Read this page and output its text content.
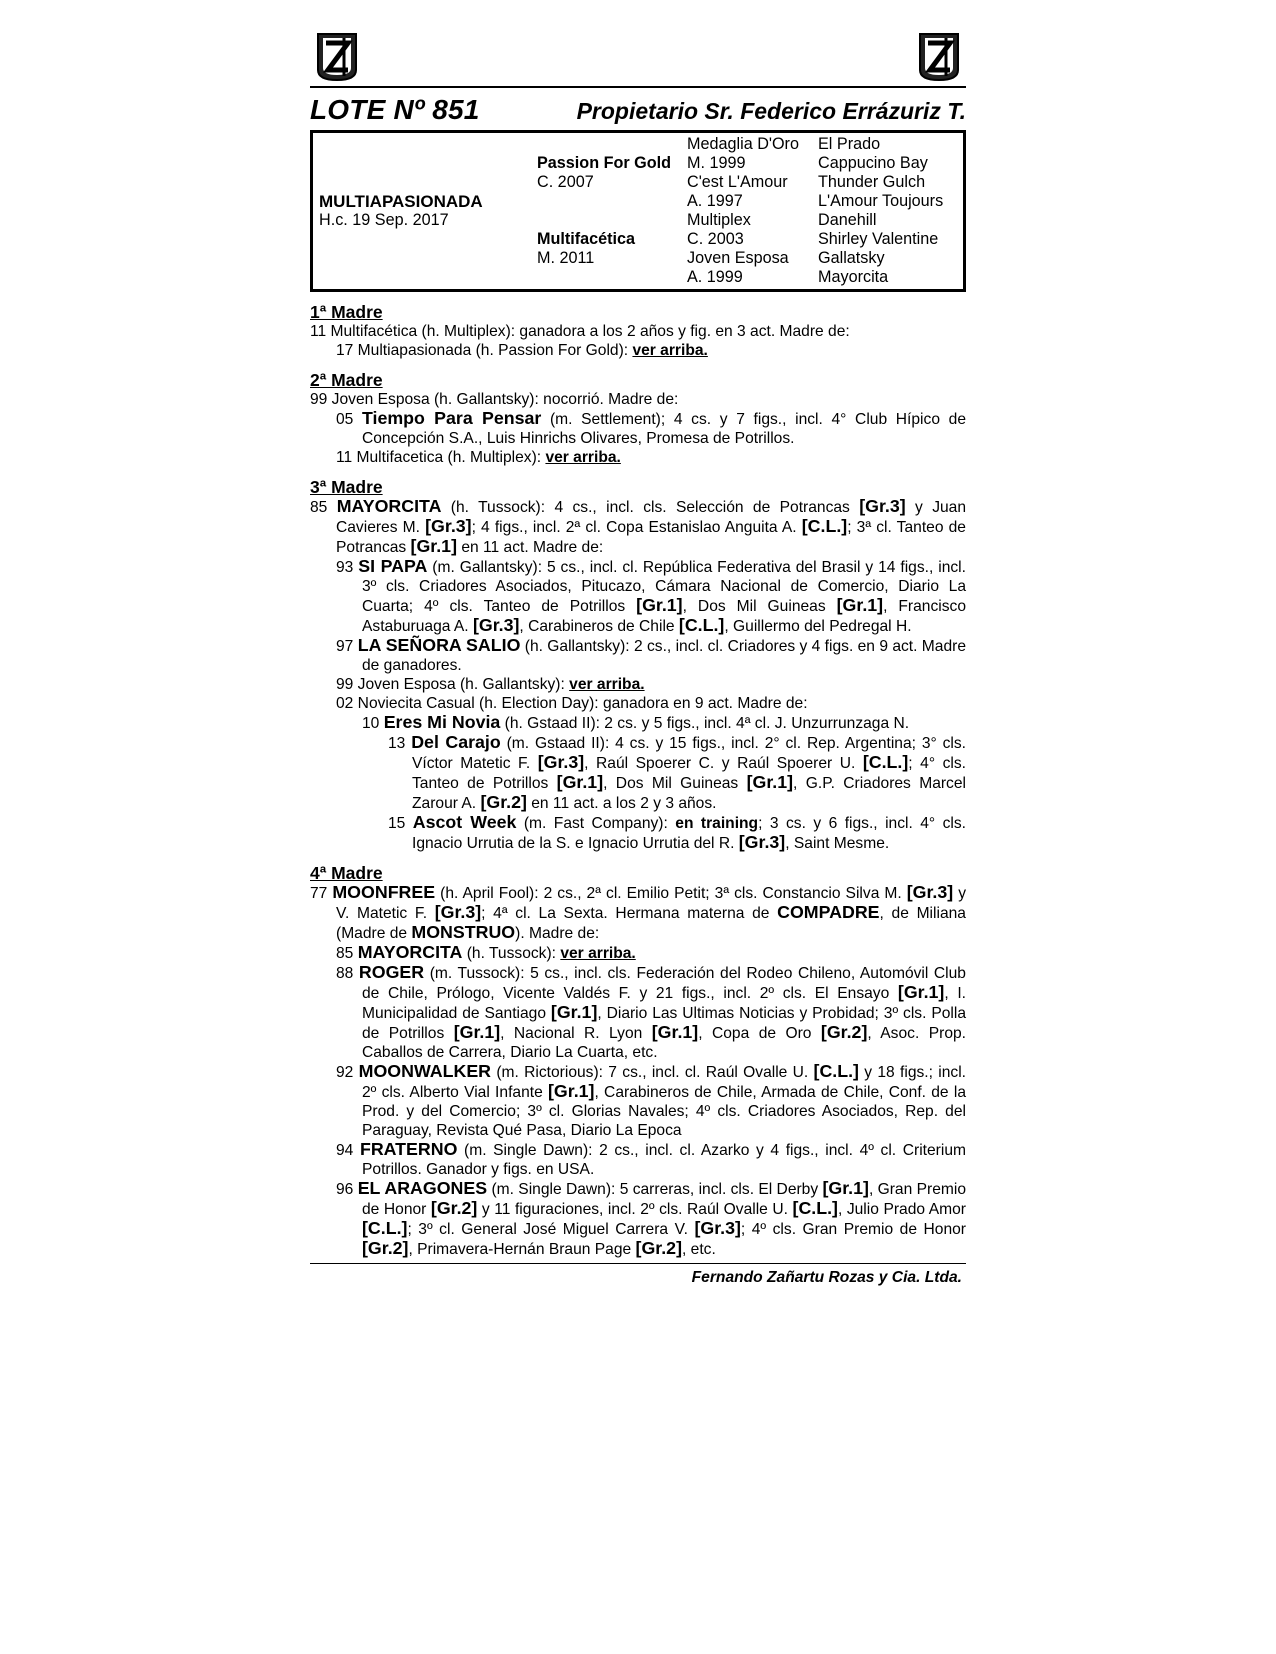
LOTE Nº 851	Propietario Sr. Federico Errázuriz T.
MULTIAPASIONADA
H.c. 19 Sep. 2017
Passion For Gold
C. 2007
Multifacética
M. 2011
Medaglia D'Oro
M. 1999
C'est L'Amour
A. 1997
Multiplex
C. 2003
Joven Esposa
A. 1999
El Prado
Cappucino Bay
Thunder Gulch
L'Amour Toujours
Danehill
Shirley Valentine
Gallatsky
Mayorcita
1ª Madre
11 Multifacética (h. Multiplex): ganadora a los 2 años y fig. en 3 act. Madre de:
17 Multiapasionada (h. Passion For Gold): ver arriba.
2ª Madre
99 Joven Esposa (h. Gallantsky): nocorrió. Madre de:
05 Tiempo Para Pensar (m. Settlement); 4 cs. y 7 figs., incl. 4° Club Hípico de Concepción S.A., Luis Hinrichs Olivares, Promesa de Potrillos.
11 Multifacetica (h. Multiplex): ver arriba.
3ª Madre
85 MAYORCITA (h. Tussock): 4 cs., incl. cls. Selección de Potrancas [Gr.3] y Juan Cavieres M. [Gr.3]; 4 figs., incl. 2ª cl. Copa Estanislao Anguita A. [C.L.]; 3ª cl. Tanteo de Potrancas [Gr.1] en 11 act. Madre de:
93 SI PAPA (m. Gallantsky): 5 cs., incl. cl. República Federativa del Brasil y 14 figs., incl. 3º cls. Criadores Asociados, Pitucazo, Cámara Nacional de Comercio, Diario La Cuarta; 4º cls. Tanteo de Potrillos [Gr.1], Dos Mil Guineas [Gr.1], Francisco Astaburuaga A. [Gr.3], Carabineros de Chile [C.L.], Guillermo del Pedregal H.
97 LA SEÑORA SALIO (h. Gallantsky): 2 cs., incl. cl. Criadores y 4 figs. en 9 act. Madre de ganadores.
99 Joven Esposa (h. Gallantsky): ver arriba.
02 Noviecita Casual (h. Election Day): ganadora en 9 act. Madre de:
10 Eres Mi Novia (h. Gstaad II): 2 cs. y 5 figs., incl. 4ª cl. J. Unzurrunzaga N.
13 Del Carajo (m. Gstaad II): 4 cs. y 15 figs., incl. 2° cl. Rep. Argentina; 3° cls. Víctor Matetic F. [Gr.3], Raúl Spoerer C. y Raúl Spoerer U. [C.L.]; 4° cls. Tanteo de Potrillos [Gr.1], Dos Mil Guineas [Gr.1], G.P. Criadores Marcel Zarour A. [Gr.2] en 11 act. a los 2 y 3 años.
15 Ascot Week (m. Fast Company): en training; 3 cs. y 6 figs., incl. 4° cls. Ignacio Urrutia de la S. e Ignacio Urrutia del R. [Gr.3], Saint Mesme.
4ª Madre
77 MOONFREE (h. April Fool): 2 cs., 2ª cl. Emilio Petit; 3ª cls. Constancio Silva M. [Gr.3] y V. Matetic F. [Gr.3]; 4ª cl. La Sexta. Hermana materna de COMPADRE, de Miliana (Madre de MONSTRUO). Madre de:
85 MAYORCITA (h. Tussock): ver arriba.
88 ROGER (m. Tussock): 5 cs., incl. cls. Federación del Rodeo Chileno, Automóvil Club de Chile, Prólogo, Vicente Valdés F. y 21 figs., incl. 2º cls. El Ensayo [Gr.1], I. Municipalidad de Santiago [Gr.1], Diario Las Ultimas Noticias y Probidad; 3º cls. Polla de Potrillos [Gr.1], Nacional R. Lyon [Gr.1], Copa de Oro [Gr.2], Asoc. Prop. Caballos de Carrera, Diario La Cuarta, etc.
92 MOONWALKER (m. Rictorious): 7 cs., incl. cl. Raúl Ovalle U. [C.L.] y 18 figs.; incl. 2º cls. Alberto Vial Infante [Gr.1], Carabineros de Chile, Armada de Chile, Conf. de la Prod. y del Comercio; 3º cl. Glorias Navales; 4º cls. Criadores Asociados, Rep. del Paraguay, Revista Qué Pasa, Diario La Epoca
94 FRATERNO (m. Single Dawn): 2 cs., incl. cl. Azarko y 4 figs., incl. 4º cl. Criterium Potrillos. Ganador y figs. en USA.
96 EL ARAGONES (m. Single Dawn): 5 carreras, incl. cls. El Derby [Gr.1], Gran Premio de Honor [Gr.2] y 11 figuraciones, incl. 2º cls. Raúl Ovalle U. [C.L.], Julio Prado Amor [C.L.]; 3º cl. General José Miguel Carrera V. [Gr.3]; 4º cls. Gran Premio de Honor [Gr.2], Primavera-Hernán Braun Page [Gr.2], etc.
Fernando Zañartu Rozas y Cia. Ltda.
